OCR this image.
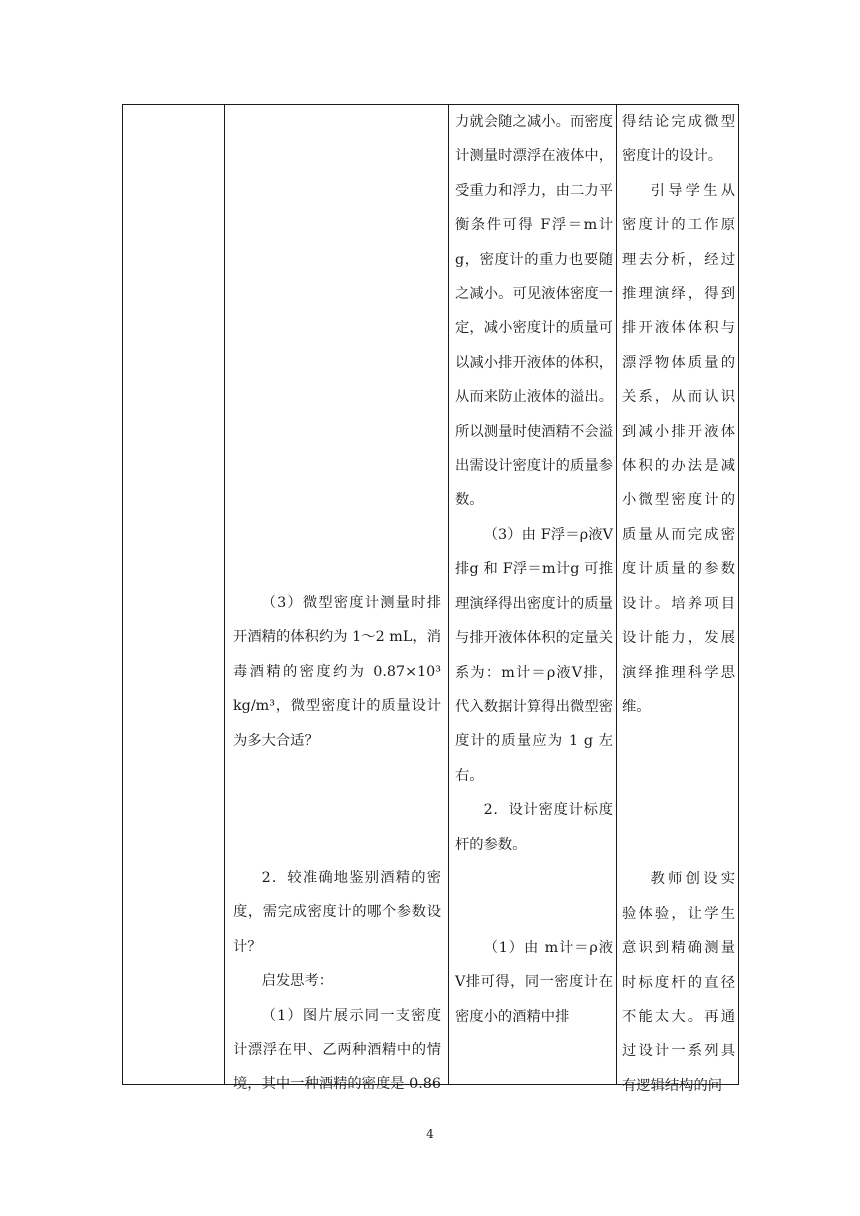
（3）微型密度计测量时排开酒精的体积约为 1～2 mL，消毒酒精的密度约为 0.87×10³ kg/m³，微型密度计的质量设计为多大合适？

2．较准确地鉴别酒精的密度，需完成密度计的哪个参数设计？

启发思考：

（1）图片展示同一支密度计漂浮在甲、乙两种酒精中的情境，其中一种酒精的密度是 0.86

力就会随之减小。而密度计测量时漂浮在液体中，受重力和浮力，由二力平衡条件可得 F浮＝m计g，密度计的重力也要随之减小。可见液体密度一定，减小密度计的质量可以减小排开液体的体积，从而来防止液体的溢出。所以测量时使酒精不会溢出需设计密度计的质量参数。

（3）由 F浮＝ρ液V排g 和 F浮＝m计g 可推理演绎得出密度计的质量与排开液体体积的定量关系为：m计＝ρ液V排，代入数据计算得出微型密度计的质量应为 1 g 左右。

2．设计密度计标度杆的参数。

（1）由 m计＝ρ液V排可得，同一密度计在密度小的酒精中排

得结论完成微型密度计的设计。

引导学生从密度计的工作原理去分析，经过推理演绎，得到排开液体体积与漂浮物体质量的关系，从而认识到减小排开液体体积的办法是减小微型密度计的质量从而完成密度计质量的参数设计。培养项目设计能力，发展演绎推理科学思维。

教师创设实验体验，让学生意识到精确测量时标度杆的直径不能太大。再通过设计一系列具有逻辑结构的问

4
